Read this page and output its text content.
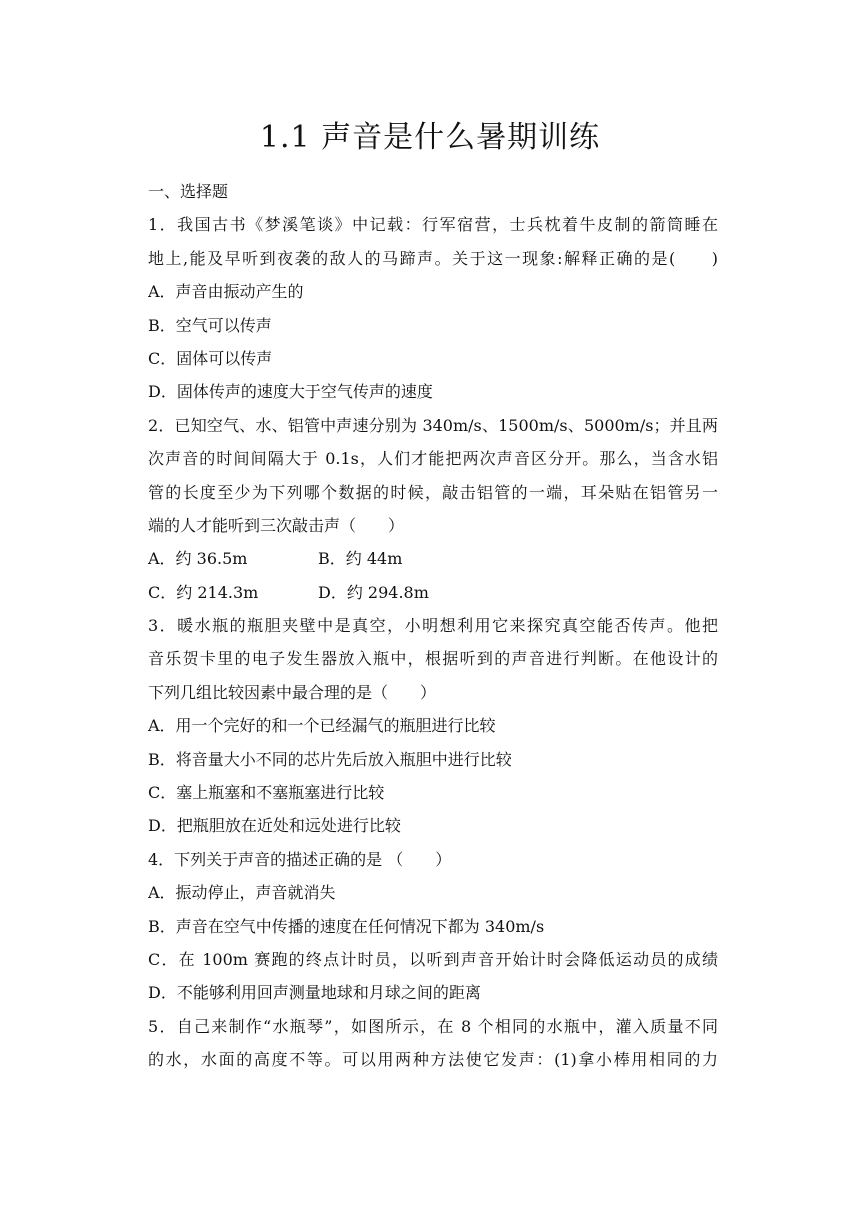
1.1 声音是什么暑期训练
一、选择题
1．我国古书《梦溪笔谈》中记载：行军宿营，士兵枕着牛皮制的箭筒睡在
地上,能及早听到夜袭的敌人的马蹄声。关于这一现象:解释正确的是(　　)
A．声音由振动产生的
B．空气可以传声
C．固体可以传声
D．固体传声的速度大于空气传声的速度
2．已知空气、水、铝管中声速分别为 340m/s、1500m/s、5000m/s；并且两
次声音的时间间隔大于 0.1s，人们才能把两次声音区分开。那么，当含水铝
管的长度至少为下列哪个数据的时候，敲击铝管的一端，耳朵贴在铝管另一
端的人才能听到三次敲击声（　　）
A．约 36.5m	B．约 44m
C．约 214.3m	D．约 294.8m
3．暖水瓶的瓶胆夹壁中是真空，小明想利用它来探究真空能否传声。他把
音乐贺卡里的电子发生器放入瓶中，根据听到的声音进行判断。在他设计的
下列几组比较因素中最合理的是（　　）
A．用一个完好的和一个已经漏气的瓶胆进行比较
B．将音量大小不同的芯片先后放入瓶胆中进行比较
C．塞上瓶塞和不塞瓶塞进行比较
D．把瓶胆放在近处和远处进行比较
4．下列关于声音的描述正确的是 （　　）
A．振动停止，声音就消失
B．声音在空气中传播的速度在任何情况下都为 340m/s
C．在 100m 赛跑的终点计时员，以听到声音开始计时会降低运动员的成绩
D．不能够利用回声测量地球和月球之间的距离
5．自己来制作“水瓶琴”，如图所示，在 8 个相同的水瓶中，灌入质量不同
的水，水面的高度不等。可以用两种方法使它发声：(1)拿小棒用相同的力
